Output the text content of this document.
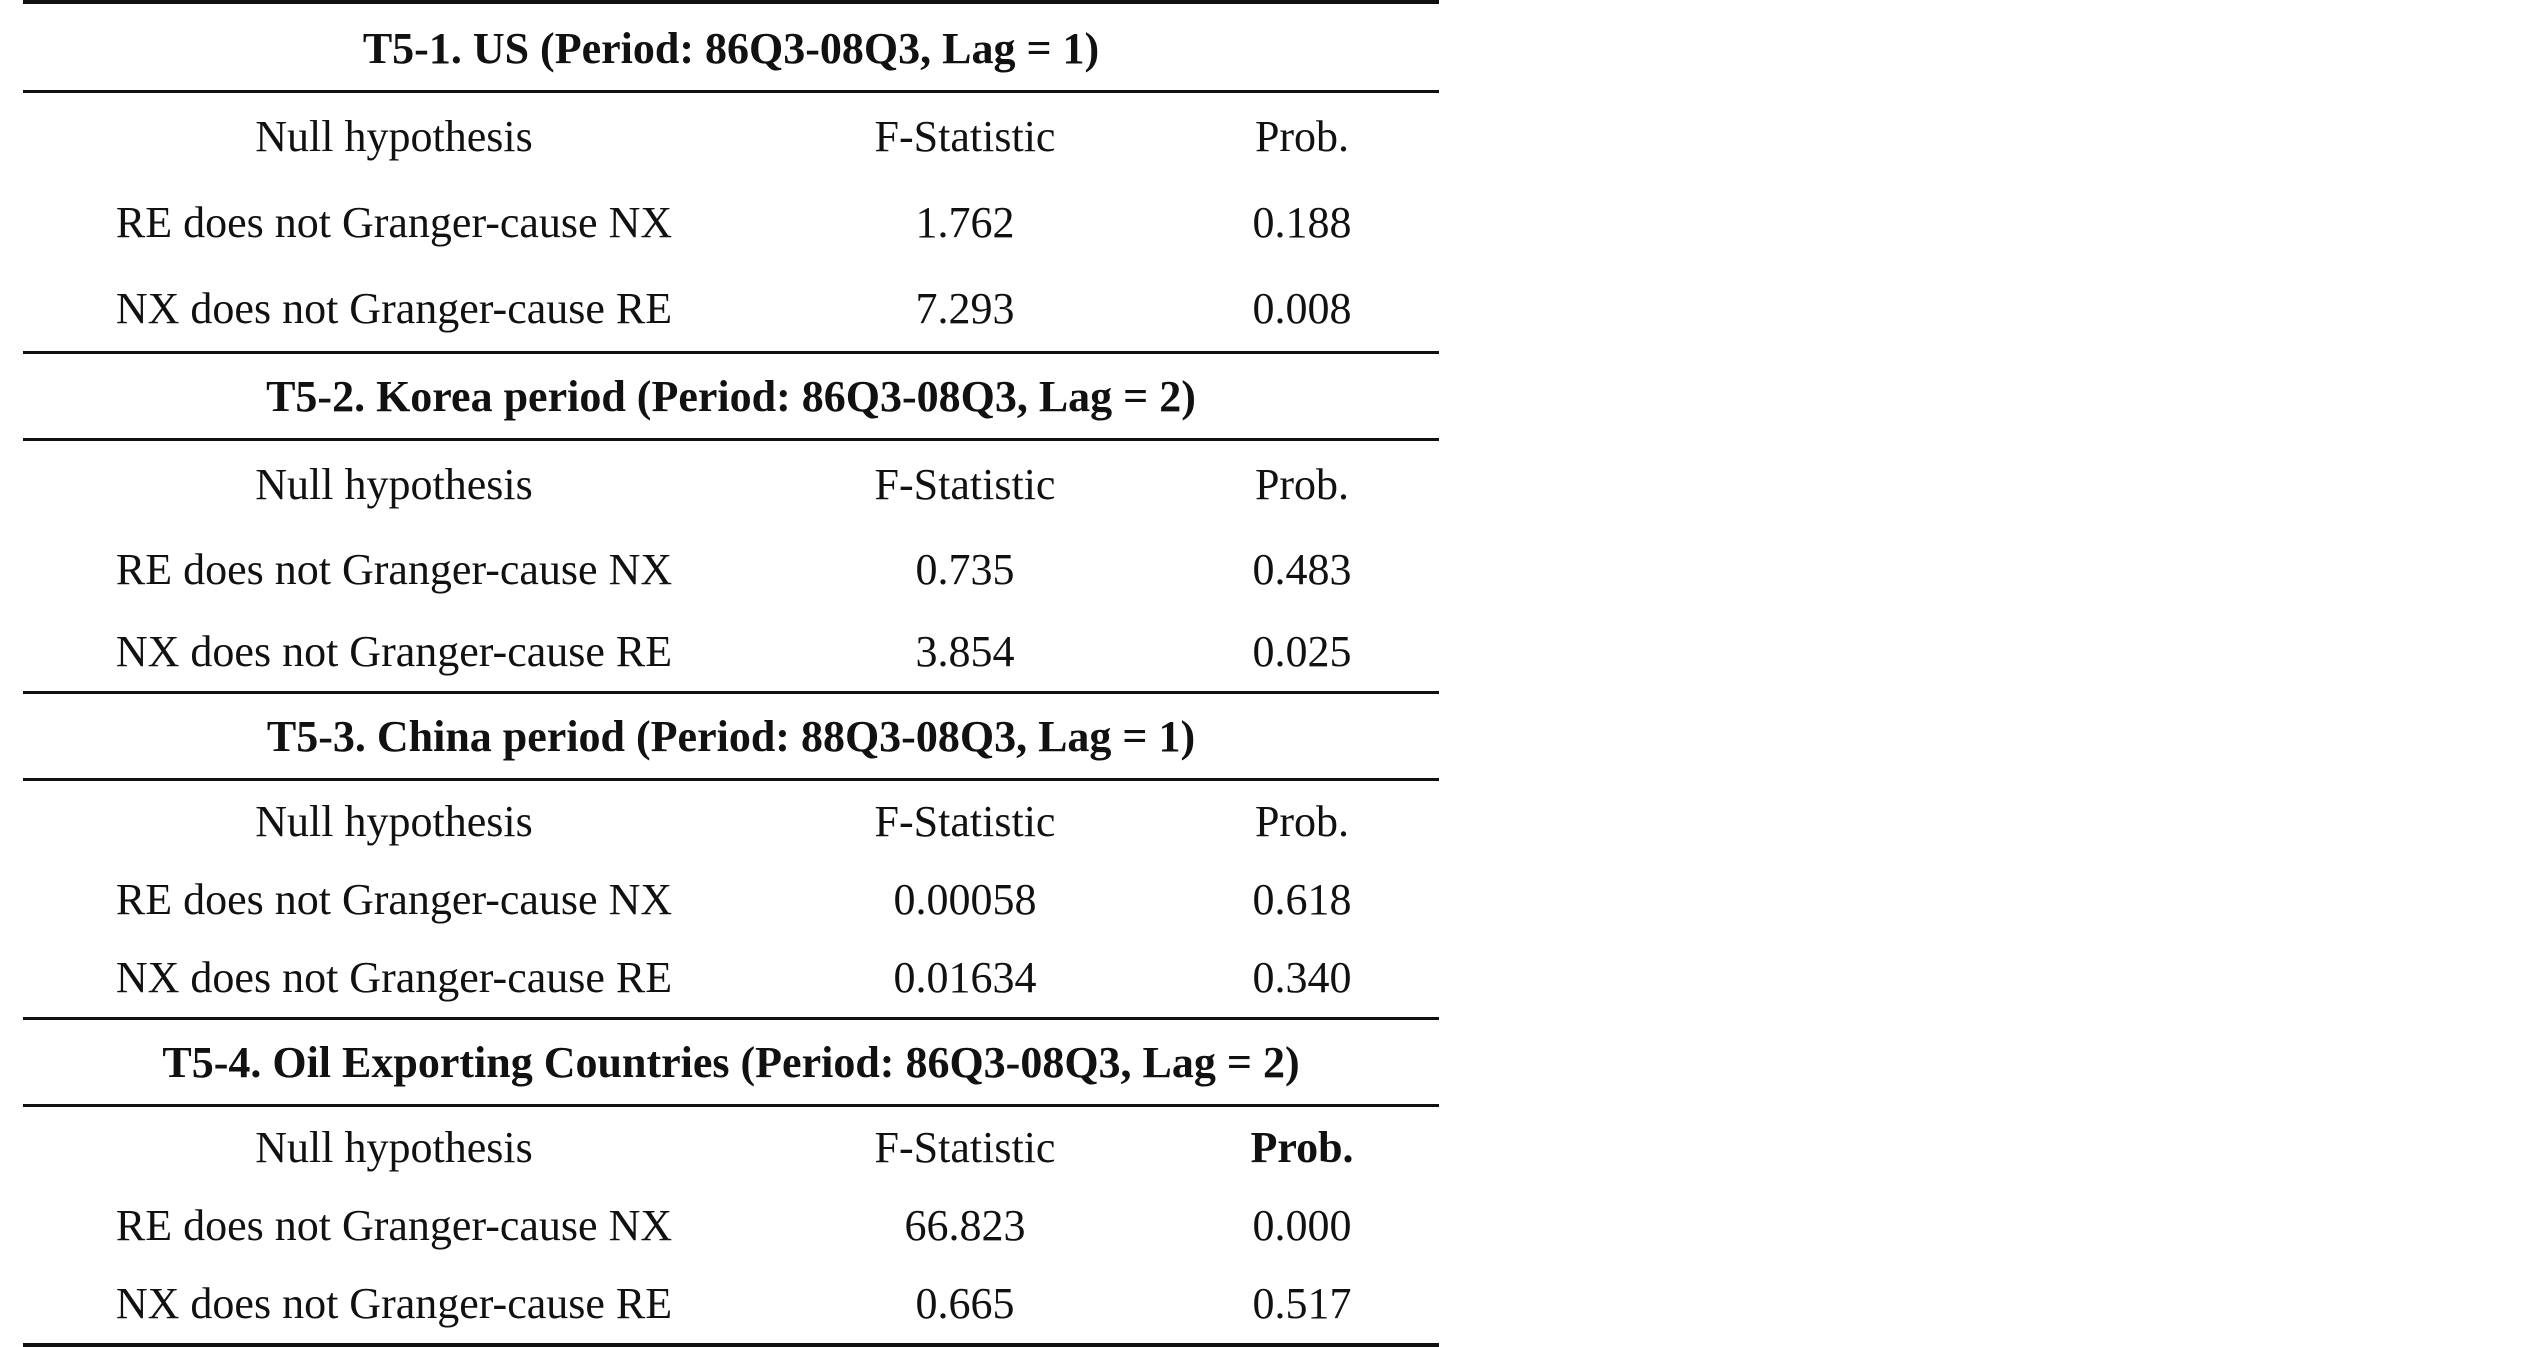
T5-1. US (Period: 86Q3-08Q3, Lag = 1)
Null hypothesis	F-Statistic	Prob.
RE does not Granger-cause NX	1.762	0.188
NX does not Granger-cause RE	7.293	0.008
T5-2. Korea period (Period: 86Q3-08Q3, Lag = 2)
Null hypothesis	F-Statistic	Prob.
RE does not Granger-cause NX	0.735	0.483
NX does not Granger-cause RE	3.854	0.025
T5-3. China period (Period: 88Q3-08Q3, Lag = 1)
Null hypothesis	F-Statistic	Prob.
RE does not Granger-cause NX	0.00058	0.618
NX does not Granger-cause RE	0.01634	0.340
T5-4. Oil Exporting Countries (Period: 86Q3-08Q3, Lag = 2)
Null hypothesis	F-Statistic	Prob.
RE does not Granger-cause NX	66.823	0.000
NX does not Granger-cause RE	0.665	0.517
